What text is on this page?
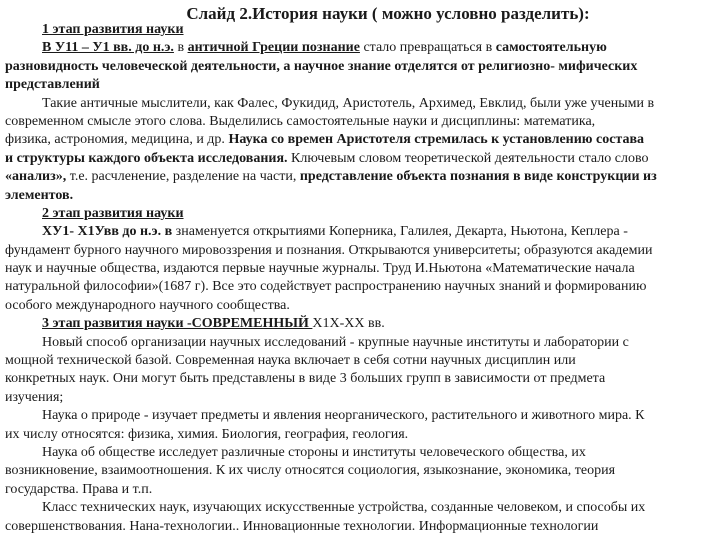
Слайд 2.История науки ( можно условно разделить):
1 этап развития науки
В У11 – У1 вв. до н.э. в античной Греции познание стало превращаться в самостоятельную
разновидность человеческой деятельности, а научное знание отделятся от религиозно- мифических
представлений
Такие античные мыслители, как Фалес, Фукидид, Аристотель, Архимед, Евклид, были уже учеными в
современном смысле этого слова. Выделились самостоятельные науки и дисциплины: математика,
физика, астрономия, медицина, и др. Наука со времен Аристотеля стремилась к установлению состава
и структуры каждого объекта исследования. Ключевым словом теоретической деятельности стало слово
«анализ», т.е. расчленение, разделение на части, представление объекта познания в виде конструкции из
элементов.
2 этап развития науки
ХУ1- Х1Увв до н.э. в знаменуется открытиями Коперника, Галилея, Декарта, Ньютона, Кеплера -
фундамент бурного научного мировоззрения и познания. Открываются университеты; образуются академии
наук и научные общества, издаются первые научные журналы. Труд И.Ньютона «Математические начала
натуральной философии»(1687 г). Все это содействует распространению научных знаний и формированию
особого международного научного сообщества.
3 этап развития науки -СОВРЕМЕННЫЙ Х1Х-ХХ вв.
Новый способ организации научных исследований - крупные научные институты и лаборатории с
мощной технической базой. Современная наука включает в себя сотни научных дисциплин или
конкретных наук. Они могут быть представлены в виде 3 больших групп в зависимости от предмета
изучения;
Наука о природе - изучает предметы и явления неорганического, растительного и животного мира. К
их числу относятся: физика, химия. Биология, география, геология.
Наука об обществе исследует различные стороны и институты человеческого общества, их
возникновение, взаимоотношения. К их числу относятся социология, языкознание, экономика, теория
государства. Права и т.п.
Класс технических наук, изучающих искусственные устройства, созданные человеком, и способы их
совершенствования. Нана-технологии.. Инновационные технологии. Информационные технологии
